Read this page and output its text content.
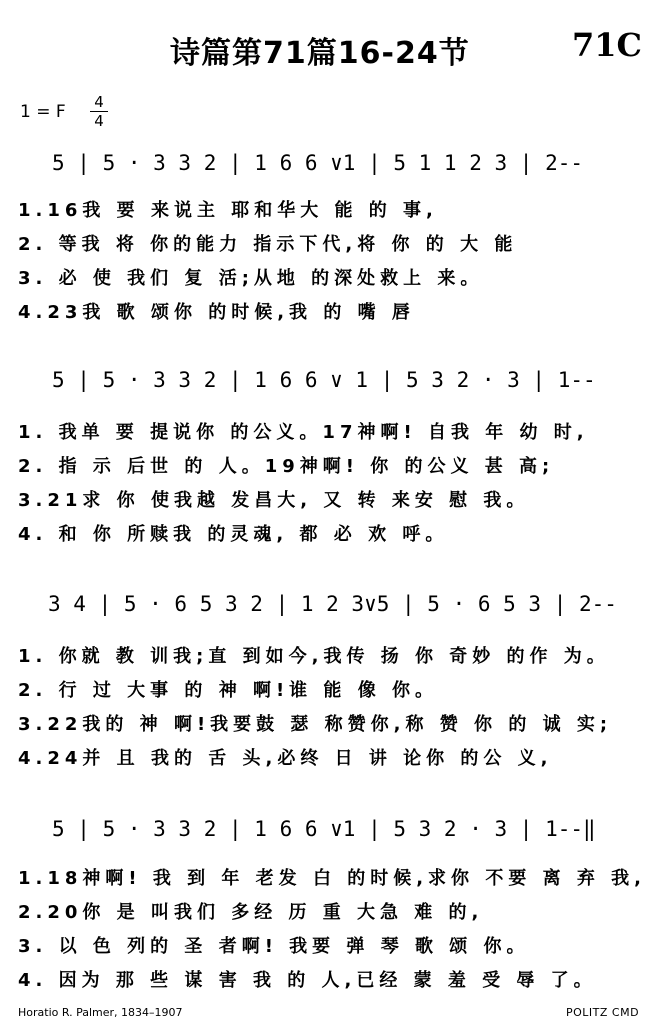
诗篇第71篇16-24节	71C
1 = F 4
4
5 | 5 · 3 3 2 | 1 6 6 ∨1 | 5 1 1 2 3 | 2--
1.16我 要 来说主 耶和华大 能 的 事,
2. 等我 将 你的能力 指示下代,将 你 的 大 能
3. 必 使 我们 复 活;从地 的深处救上 来。
4.23我 歌 颂你 的时候,我 的 嘴 唇
5 | 5 · 3 3 2 | 1 6 6 ∨ 1 | 5 3 2 · 3 | 1--
1. 我单 要 提说你 的公义。17神啊! 自我 年 幼 时,
2. 指 示 后世 的 人。19神啊! 你 的公义 甚 高;
3.21求 你 使我越 发昌大, 又 转 来安 慰 我。
4. 和 你 所赎我 的灵魂, 都 必 欢 呼。
3 4 | 5 · 6 5 3 2 | 1 2 3∨5 | 5 · 6 5 3 | 2--
1. 你就 教 训我;直 到如今,我传 扬 你 奇妙 的作 为。
2. 行 过 大事 的 神 啊!谁 能 像 你。
3.22我的 神 啊!我要鼓 瑟 称赞你,称 赞 你 的 诚 实;
4.24并 且 我的 舌 头,必终 日 讲 论你 的公 义,
5 | 5 · 3 3 2 | 1 6 6 ∨1 | 5 3 2 · 3 | 1--‖
1.18神啊! 我 到 年 老发 白 的时候,求你 不要 离 弃 我,
2.20你 是 叫我们 多经 历 重 大急 难 的,
3. 以 色 列的 圣 者啊! 我要 弹 琴 歌 颂 你。
4. 因为 那 些 谋 害 我 的 人,已经 蒙 羞 受 辱 了。
Horatio R. Palmer, 1834–1907	POLITZ CMD
